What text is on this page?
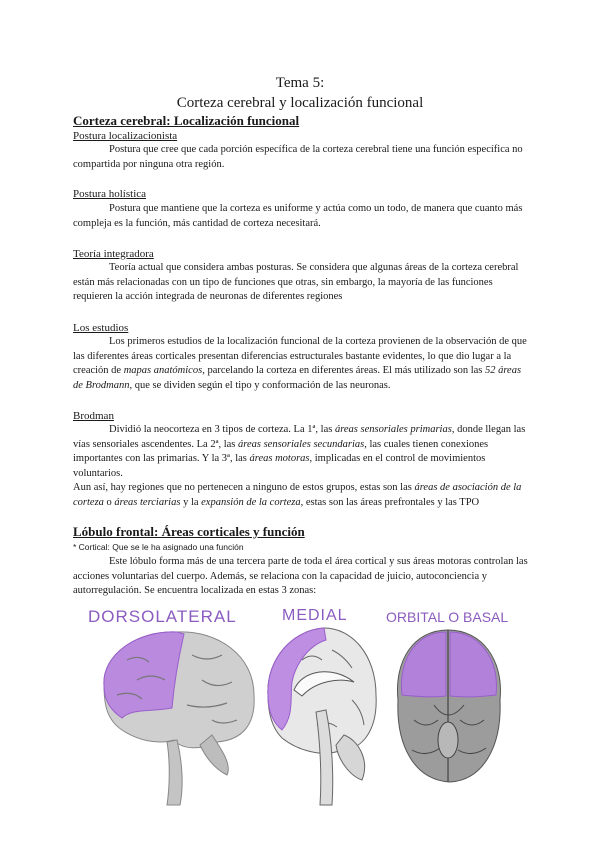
Tema 5:
Corteza cerebral y localización funcional
Corteza cerebral: Localización funcional
Postura localizacionista

Postura que cree que cada porción específica de la corteza cerebral tiene una función específica no compartida por ninguna otra región.

Postura holística

Postura que mantiene que la corteza es uniforme y actúa como un todo, de manera que cuanto más compleja es la función, más cantidad de corteza necesitará.

Teoría integradora

Teoría actual que considera ambas posturas. Se considera que algunas áreas de la corteza cerebral están más relacionadas con un tipo de funciones que otras, sin embargo, la mayoría de las funciones requieren la acción integrada de neuronas de diferentes regiones

Los estudios

Los primeros estudios de la localización funcional de la corteza provienen de la observación de que las diferentes áreas corticales presentan diferencias estructurales bastante evidentes, lo que dio lugar a la creación de mapas anatómicos, parcelando la corteza en diferentes áreas. El más utilizado son las 52 áreas de Brodmann, que se dividen según el tipo y conformación de las neuronas.

Brodman

Dividió la neocorteza en 3 tipos de corteza. La 1ª, las áreas sensoriales primarias, donde llegan las vías sensoriales ascendentes. La 2ª, las áreas sensoriales secundarias, las cuales tienen conexiones importantes con las primarias. Y la 3ª, las áreas motoras, implicadas en el control de movimientos voluntarios.
Aun así, hay regiones que no pertenecen a ninguno de estos grupos, estas son las áreas de asociación de la corteza o áreas terciarias y la expansión de la corteza, estas son las áreas prefrontales y las TPO

Lóbulo frontal: Áreas corticales y función
* Cortical: Que se le ha asignado una función

Este lóbulo forma más de una tercera parte de toda el área cortical y sus áreas motoras controlan las acciones voluntarias del cuerpo. Además, se relaciona con la capacidad de juicio, autoconciencia y autorregulación. Se encuentra localizada en estas 3 zonas:

DORSOLATERAL	MEDIAL	ORBITAL O BASAL
